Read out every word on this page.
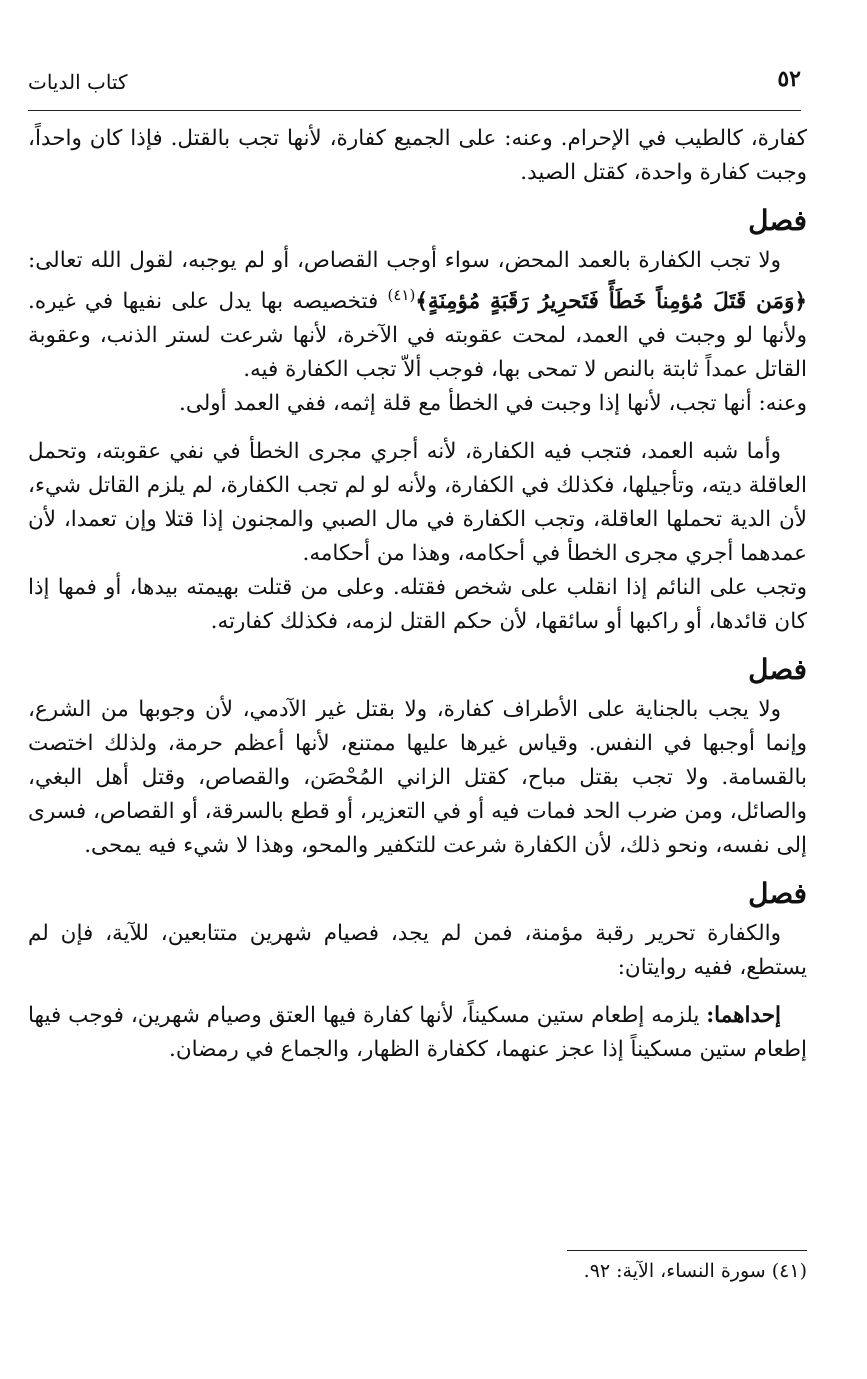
٥٢
كتاب الديات

كفارة، كالطيب في الإحرام. وعنه: على الجميع كفارة، لأنها تجب بالقتل. فإذا كان واحداً، وجبت كفارة واحدة، كقتل الصيد.

فصل

ولا تجب الكفارة بالعمد المحض، سواء أوجب القصاص، أو لم يوجبه، لقول الله تعالى: ﴿وَمَن قَتَلَ مُؤمِناً خَطَأً فَتَحرِيرُ رَقَبَةٍ مُؤمِنَةٍ﴾$^{(٤١)}$ فتخصيصه بها يدل على نفيها في غيره. ولأنها لو وجبت في العمد، لمحت عقوبته في الآخرة، لأنها شرعت لستر الذنب، وعقوبة القاتل عمداً ثابتة بالنص لا تمحى بها، فوجب ألاّ تجب الكفارة فيه.

وعنه: أنها تجب، لأنها إذا وجبت في الخطأ مع قلة إثمه، ففي العمد أولى.

وأما شبه العمد، فتجب فيه الكفارة، لأنه أجري مجرى الخطأ في نفي عقوبته، وتحمل العاقلة ديته، وتأجيلها، فكذلك في الكفارة، ولأنه لو لم تجب الكفارة، لم يلزم القاتل شيء، لأن الدية تحملها العاقلة، وتجب الكفارة في مال الصبي والمجنون إذا قتلا وإن تعمدا، لأن عمدهما أجري مجرى الخطأ في أحكامه، وهذا من أحكامه.

وتجب على النائم إذا انقلب على شخص فقتله. وعلى من قتلت بهيمته بيدها، أو فمها إذا كان قائدها، أو راكبها أو سائقها، لأن حكم القتل لزمه، فكذلك كفارته.

فصل

ولا يجب بالجناية على الأطراف كفارة، ولا بقتل غير الآدمي، لأن وجوبها من الشرع، وإنما أوجبها في النفس. وقياس غيرها عليها ممتنع، لأنها أعظم حرمة، ولذلك اختصت بالقسامة. ولا تجب بقتل مباح، كقتل الزاني المُحْصَن، والقصاص، وقتل أهل البغي، والصائل، ومن ضرب الحد فمات فيه أو في التعزير، أو قطع بالسرقة، أو القصاص، فسرى إلى نفسه، ونحو ذلك، لأن الكفارة شرعت للتكفير والمحو، وهذا لا شيء فيه يمحى.

فصل

والكفارة تحرير رقبة مؤمنة، فمن لم يجد، فصيام شهرين متتابعين، للآية، فإن لم يستطع، ففيه روايتان:

إحداهما: يلزمه إطعام ستين مسكيناً، لأنها كفارة فيها العتق وصيام شهرين، فوجب فيها إطعام ستين مسكيناً إذا عجز عنهما، ككفارة الظهار، والجماع في رمضان.

(٤١) سورة النساء، الآية: ٩٢.
